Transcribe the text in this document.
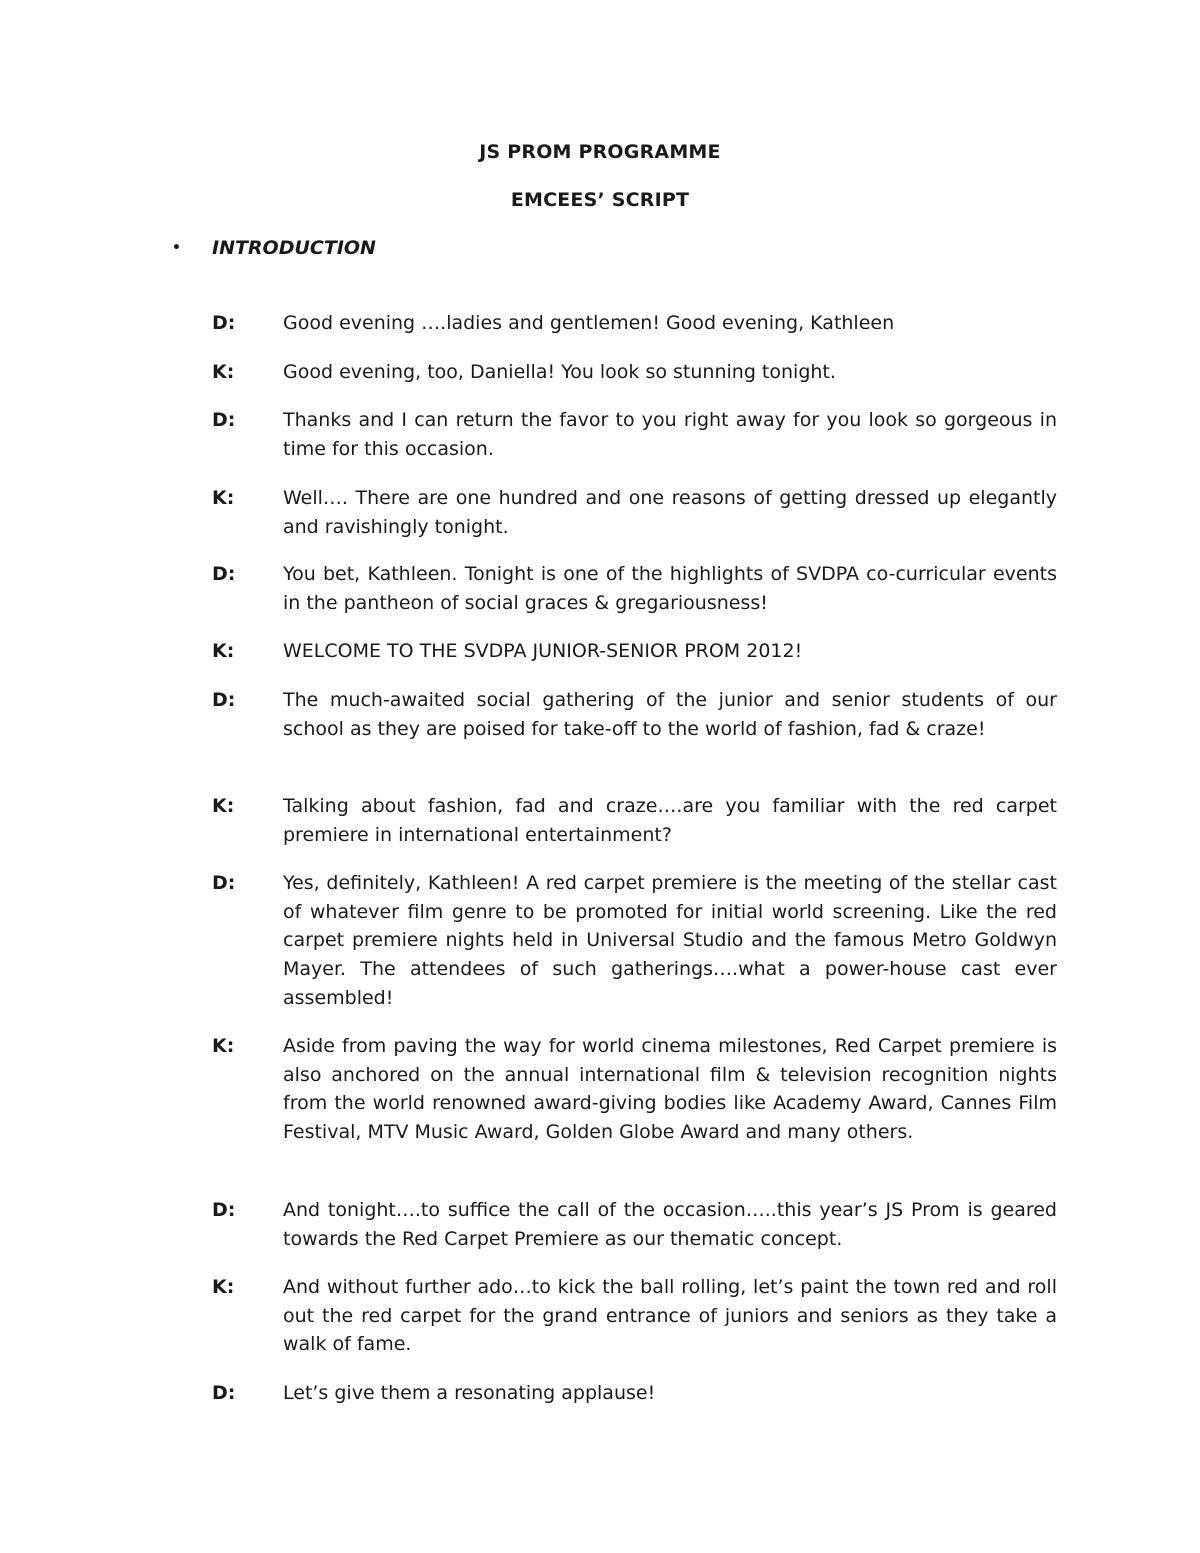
JS PROM PROGRAMME
EMCEES’ SCRIPT
• INTRODUCTION
D:	Good evening ….ladies and gentlemen! Good evening, Kathleen
K:	Good evening, too, Daniella! You look so stunning tonight.
D:	Thanks and I can return the favor to you right away for you look so gorgeous in time for this occasion.
K:	Well…. There are one hundred and one reasons of getting dressed up elegantly and ravishingly tonight.
D:	You bet, Kathleen. Tonight is one of the highlights of SVDPA co-curricular events in the pantheon of social graces & gregariousness!
K:	WELCOME TO THE SVDPA JUNIOR-SENIOR PROM 2012!
D:	The much-awaited social gathering of the junior and senior students of our school as they are poised for take-off to the world of fashion, fad & craze!
K:	Talking about fashion, fad and craze….are you familiar with the red carpet premiere in international entertainment?
D:	Yes, definitely, Kathleen! A red carpet premiere is the meeting of the stellar cast of whatever film genre to be promoted for initial world screening. Like the red carpet premiere nights held in Universal Studio and the famous Metro Goldwyn Mayer. The attendees of such gatherings….what a power-house cast ever assembled!
K:	Aside from paving the way for world cinema milestones, Red Carpet premiere is also anchored on the annual international film & television recognition nights from the world renowned award-giving bodies like Academy Award, Cannes Film Festival, MTV Music Award, Golden Globe Award and many others.
D:	And tonight….to suffice the call of the occasion…..this year’s JS Prom is geared towards the Red Carpet Premiere as our thematic concept.
K:	And without further ado…to kick the ball rolling, let’s paint the town red and roll out the red carpet for the grand entrance of juniors and seniors as they take a walk of fame.
D:	Let’s give them a resonating applause!
